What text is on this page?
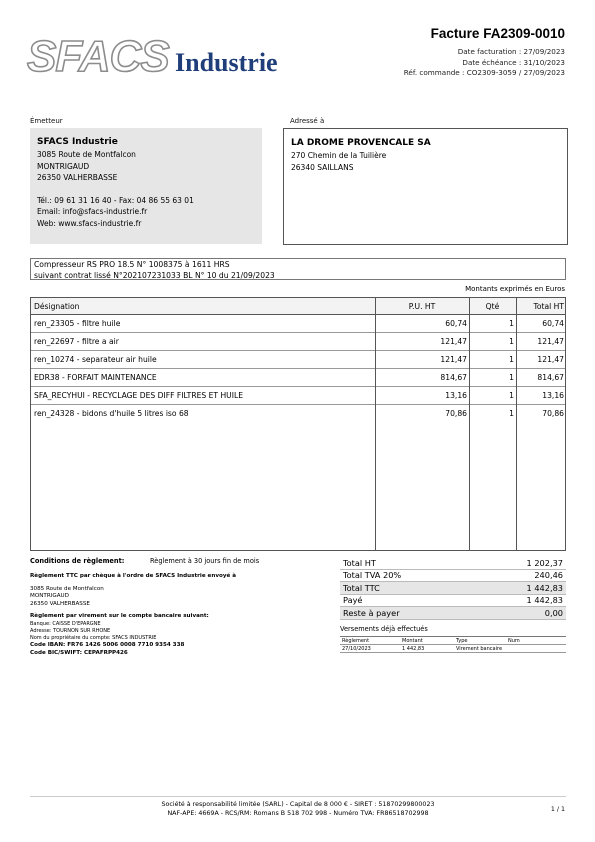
SFACS Industrie
Facture FA2309-0010
Date facturation : 27/09/2023
Date échéance : 31/10/2023
Réf. commande : CO2309-3059 / 27/09/2023
Émetteur
SFACS Industrie
3085 Route de Montfalcon
MONTRIGAUD
26350 VALHERBASSE
Tél.: 09 61 31 16 40 - Fax: 04 86 55 63 01
Email: info@sfacs-industrie.fr
Web: www.sfacs-industrie.fr
Adressé à
LA DROME PROVENCALE SA
270 Chemin de la Tuilière
26340 SAILLANS
Compresseur RS PRO 18.5 N° 1008375 à 1611 HRS
suivant contrat lissé N°202107231033 BL N° 10 du 21/09/2023
Montants exprimés en Euros
Désignation	P.U. HT	Qté	Total HT
ren_23305 - filtre huile	60,74	1	60,74
ren_22697 - filtre a air	121,47	1	121,47
ren_10274 - separateur air huile	121,47	1	121,47
EDR38 - FORFAIT MAINTENANCE	814,67	1	814,67
SFA_RECYHUI - RECYCLAGE DES DIFF FILTRES ET HUILE	13,16	1	13,16
ren_24328 - bidons d'huile 5 litres iso 68	70,86	1	70,86
Conditions de règlement:	Règlement à 30 jours fin de mois
Règlement TTC par chèque à l'ordre de SFACS Industrie envoyé à
3085 Route de Montfalcon
MONTRIGAUD
26350 VALHERBASSE
Règlement par virement sur le compte bancaire suivant:
Banque: CAISSE D'EPARGNE
Adresse: TOURNON SUR RHONE
Nom du propriétaire du compte: SFACS INDUSTRIE
Code IBAN: FR76 1426 5006 0008 7710 9354 338
Code BIC/SWIFT: CEPAFRPP426
Total HT	1 202,37
Total TVA 20%	240,46
Total TTC	1 442,83
Payé	1 442,83
Reste à payer	0,00
Versements déjà effectués
Règlement	Montant	Type	Num
27/10/2023	1 442,83	Virement bancaire
Société à responsabilité limitée (SARL) - Capital de 8 000 € - SIRET : 51870299800023
NAF-APE: 4669A - RCS/RM: Romans B 518 702 998 - Numéro TVA: FR86518702998
1 / 1
